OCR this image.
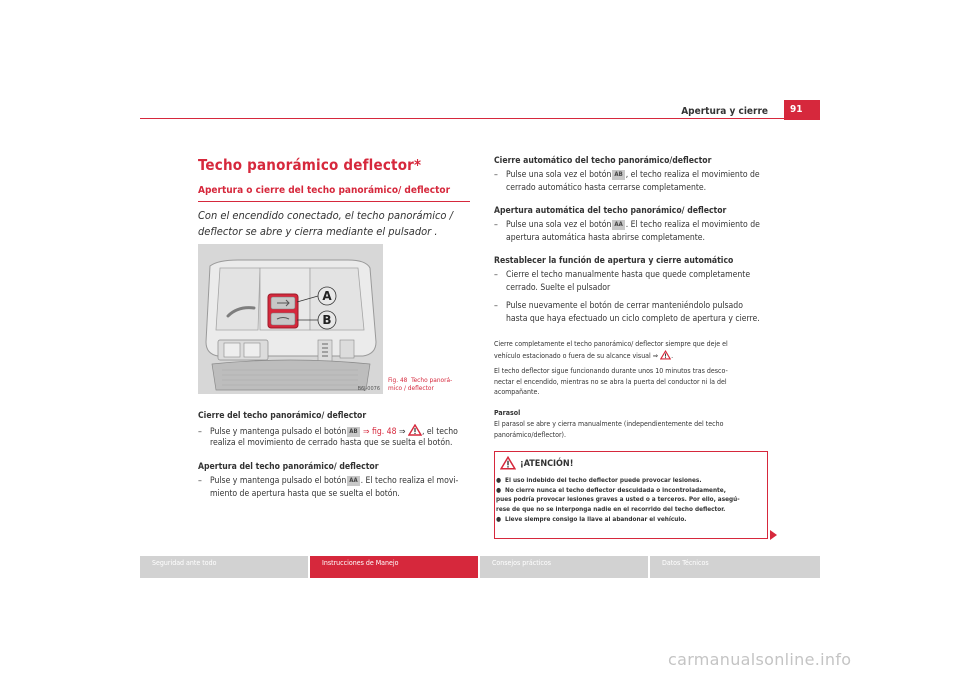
Apertura y cierre	91
Techo panorámico deflector*
Apertura o cierre del techo panorámico/ deflector
Con el encendido conectado, el techo panorámico / deflector se abre y cierra mediante el pulsador .
A
B
B6J-0076
Fig. 48 Techo panorá-
mico / deflector
Cierre del techo panorámico/ deflector
– Pulse y mantenga pulsado el botón AB ⇒ fig. 48 ⇒ , el techo
realiza el movimiento de cerrado hasta que se suelta el botón.
Apertura del techo panorámico/ deflector
– Pulse y mantenga pulsado el botón AA . El techo realiza el movi-
miento de apertura hasta que se suelta el botón.
Cierre automático del techo panorámico/deflector
– Pulse una sola vez el botón AB , el techo realiza el movimiento de
cerrado automático hasta cerrarse completamente.
Apertura automática del techo panorámico/ deflector
– Pulse una sola vez el botón AA . El techo realiza el movimiento de
apertura automática hasta abrirse completamente.
Restablecer la función de apertura y cierre automático
– Cierre el techo manualmente hasta que quede completamente
cerrado. Suelte el pulsador
– Pulse nuevamente el botón de cerrar manteniéndolo pulsado
hasta que haya efectuado un ciclo completo de apertura y cierre.
Cierre completamente el techo panorámico/ deflector siempre que deje el
vehículo estacionado o fuera de su alcance visual ⇒ .
El techo deflector sigue funcionando durante unos 10 minutos tras desco-
nectar el encendido, mientras no se abra la puerta del conductor ni la del
acompañante.
Parasol
El parasol se abre y cierra manualmente (independientemente del techo
panorámico/deflector).
¡ATENCIÓN!
● El uso indebido del techo deflector puede provocar lesiones.
● No cierre nunca el techo deflector descuidada o incontroladamente,
pues podría provocar lesiones graves a usted o a terceros. Por ello, asegú-
rese de que no se interponga nadie en el recorrido del techo deflector.
● Lleve siempre consigo la llave al abandonar el vehículo.
Seguridad ante todo	Instrucciones de Manejo	Consejos prácticos	Datos Técnicos
carmanualsonline.info
